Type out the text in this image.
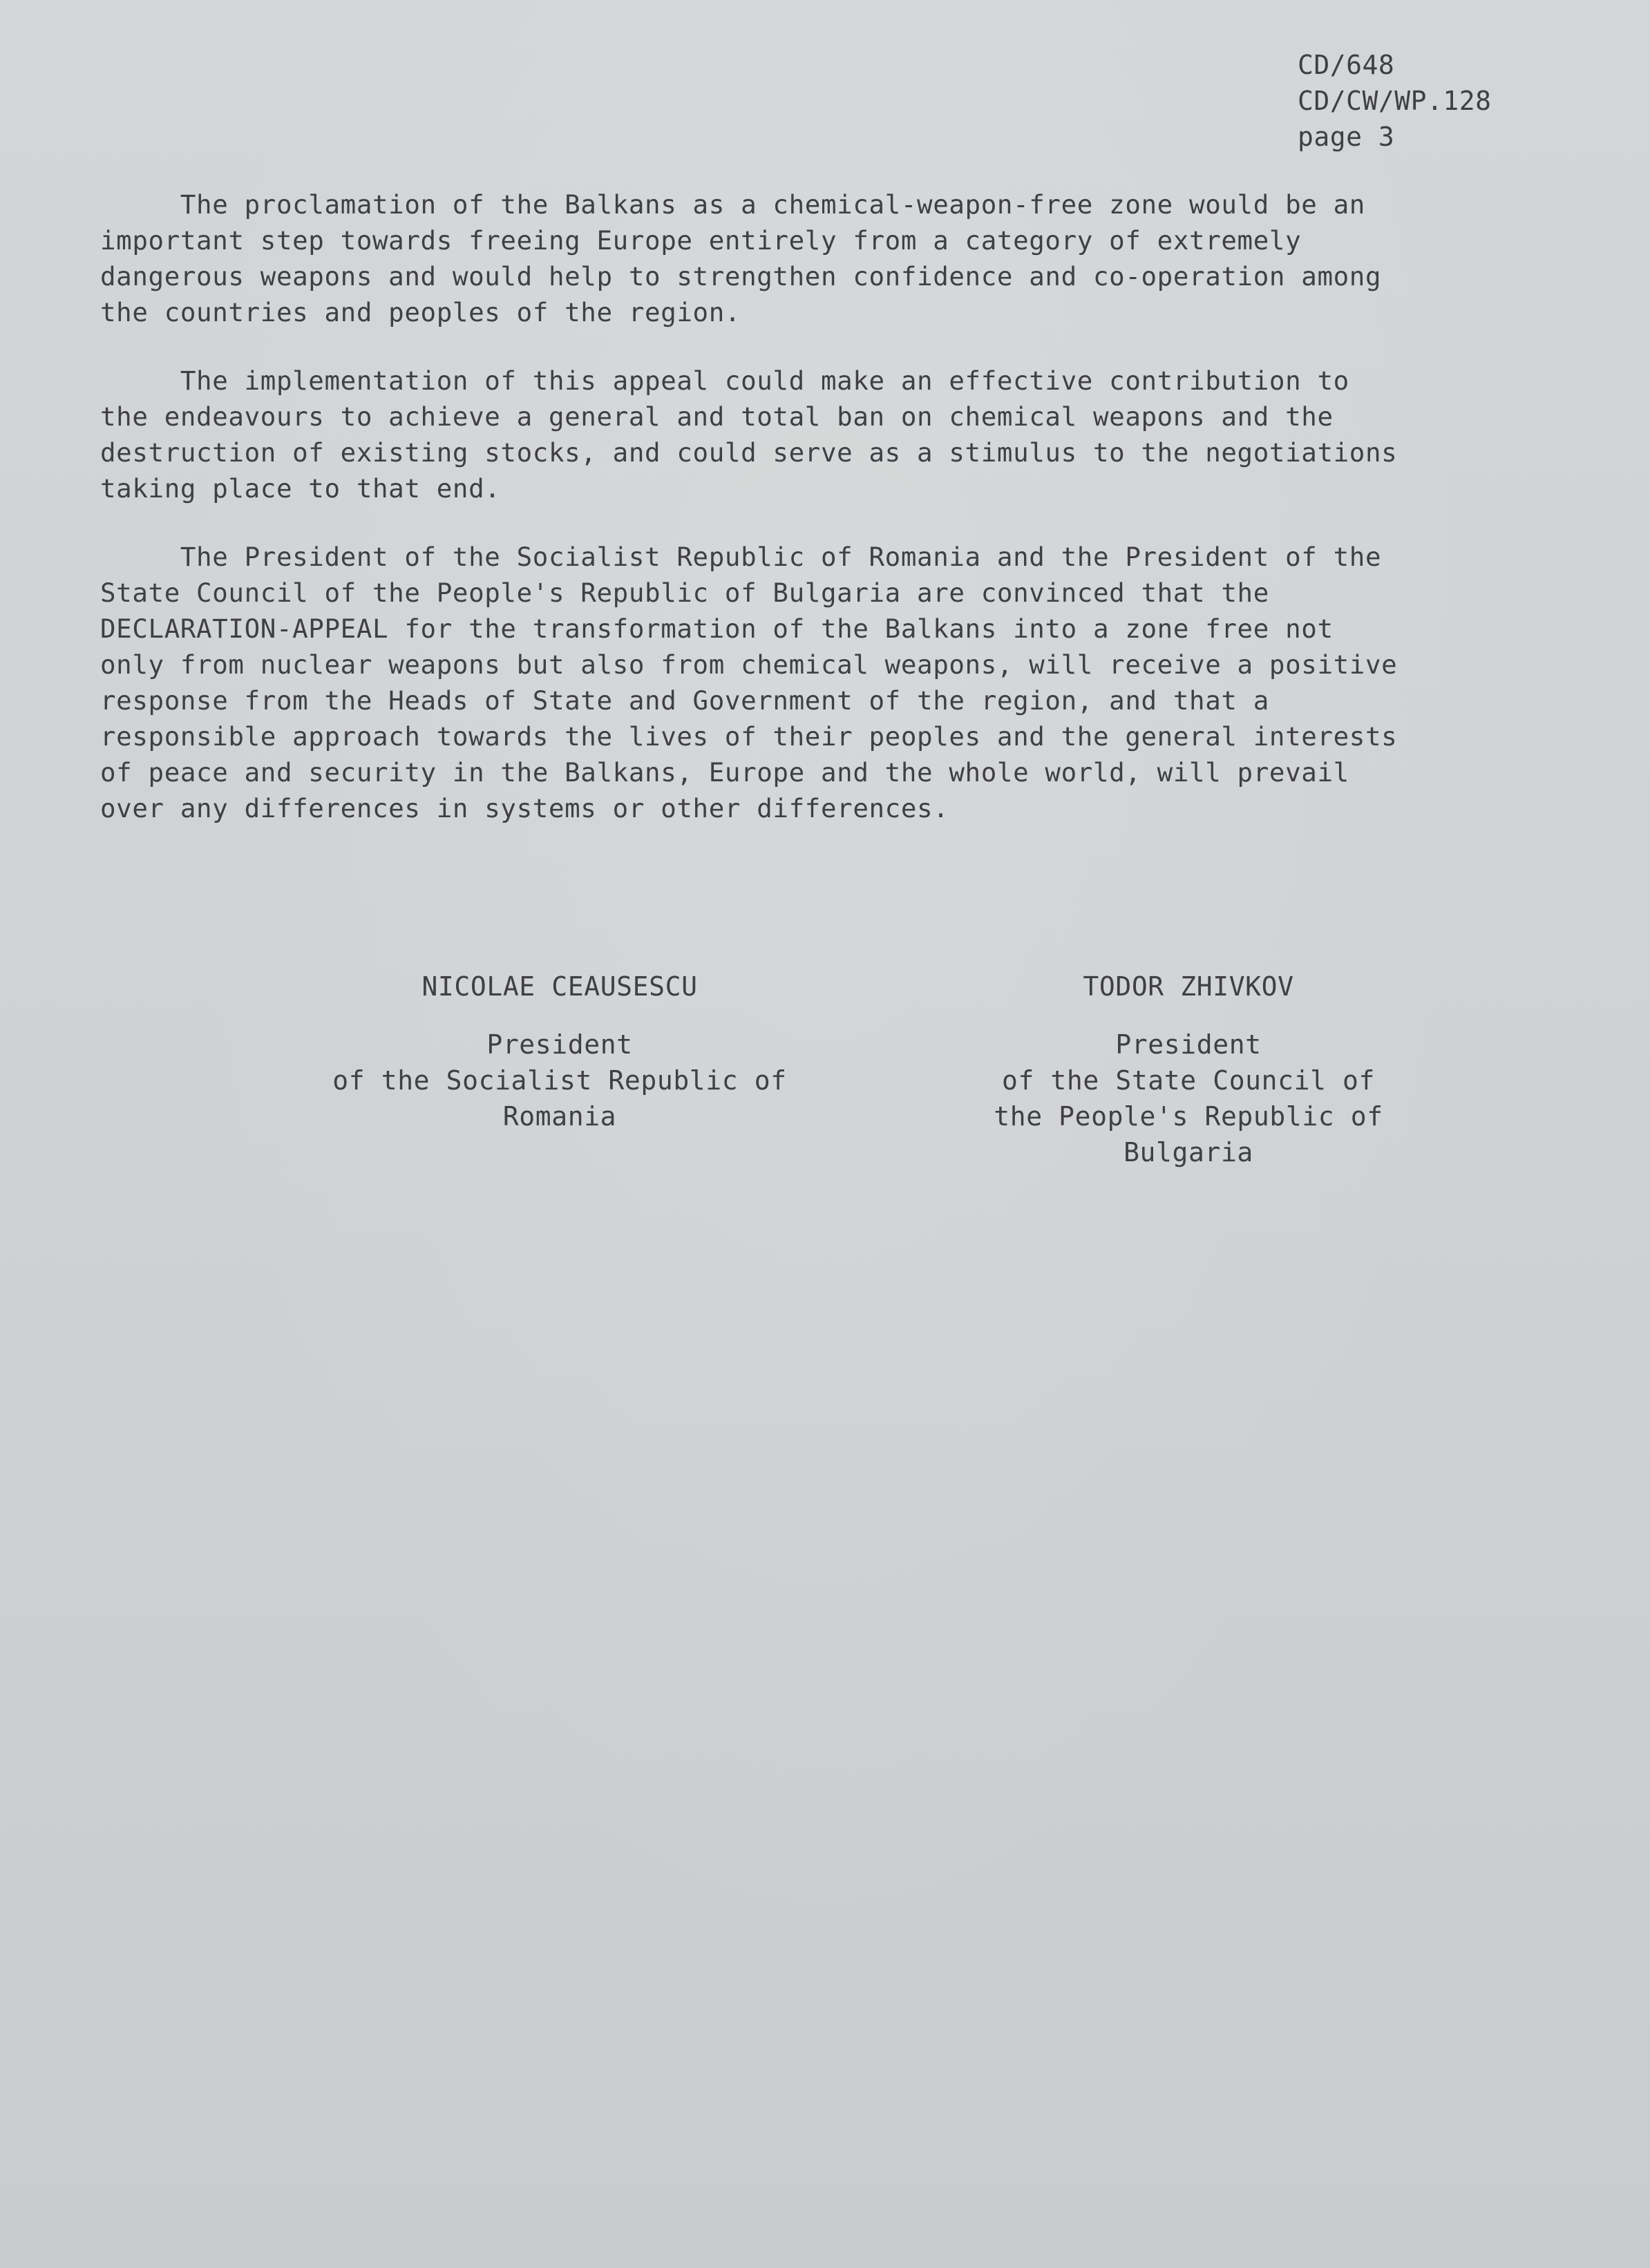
CD/648
CD/CW/WP.128
page 3
The proclamation of the Balkans as a chemical-weapon-free zone would be an
important step towards freeing Europe entirely from a category of extremely
dangerous weapons and would help to strengthen confidence and co-operation among
the countries and peoples of the region.
The implementation of this appeal could make an effective contribution to
the endeavours to achieve a general and total ban on chemical weapons and the
destruction of existing stocks, and could serve as a stimulus to the negotiations
taking place to that end.
The President of the Socialist Republic of Romania and the President of the
State Council of the People's Republic of Bulgaria are convinced that the
DECLARATION-APPEAL for the transformation of the Balkans into a zone free not
only from nuclear weapons but also from chemical weapons, will receive a positive
response from the Heads of State and Government of the region, and that a
responsible approach towards the lives of their peoples and the general interests
of peace and security in the Balkans, Europe and the whole world, will prevail
over any differences in systems or other differences.
NICOLAE CEAUSESCU
President
of the Socialist Republic of
Romania
TODOR ZHIVKOV
President
of the State Council of
the People's Republic of
Bulgaria
